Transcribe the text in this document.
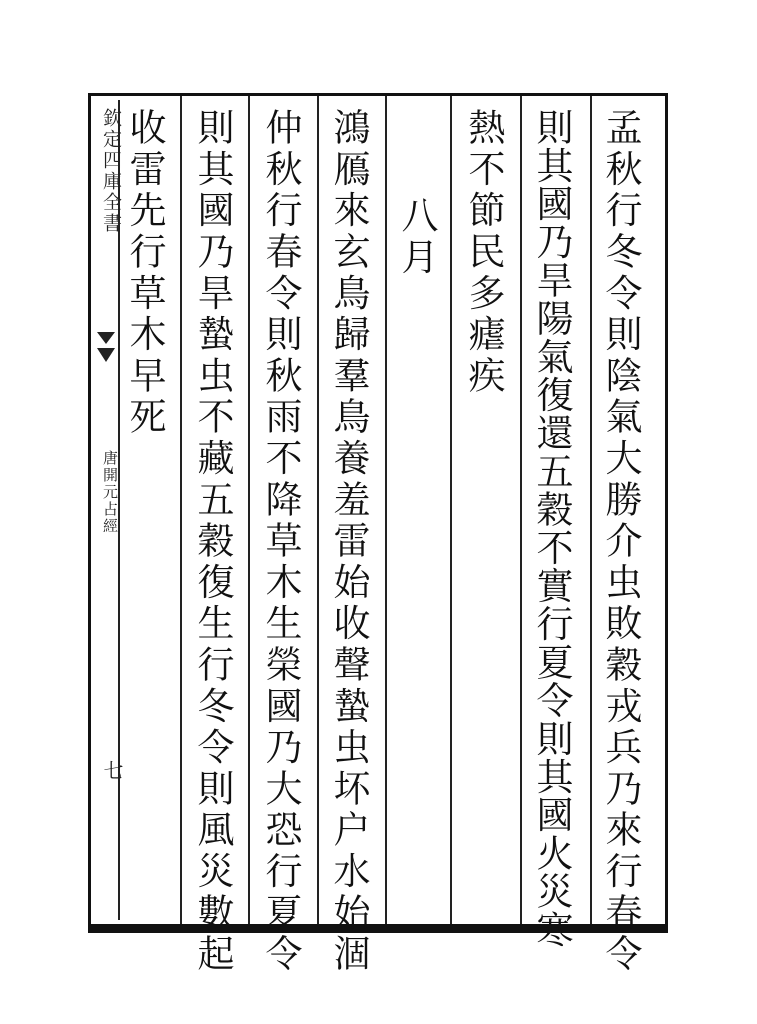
欽定四庫全書
唐開元占經
七	孟秋行冬令則陰氣大勝介虫敗穀戎兵乃來行春令
則其國乃旱陽氣復還五穀不實行夏令則其國火災寒
熱不節民多瘧疾
八月
鴻鴈來玄鳥歸羣鳥養羞雷始收聲蟄虫坏户水始涸
仲秋行春令則秋雨不降草木生榮國乃大恐行夏令
則其國乃旱蟄虫不藏五穀復生行冬令則風災數起
收雷先行草木早死
